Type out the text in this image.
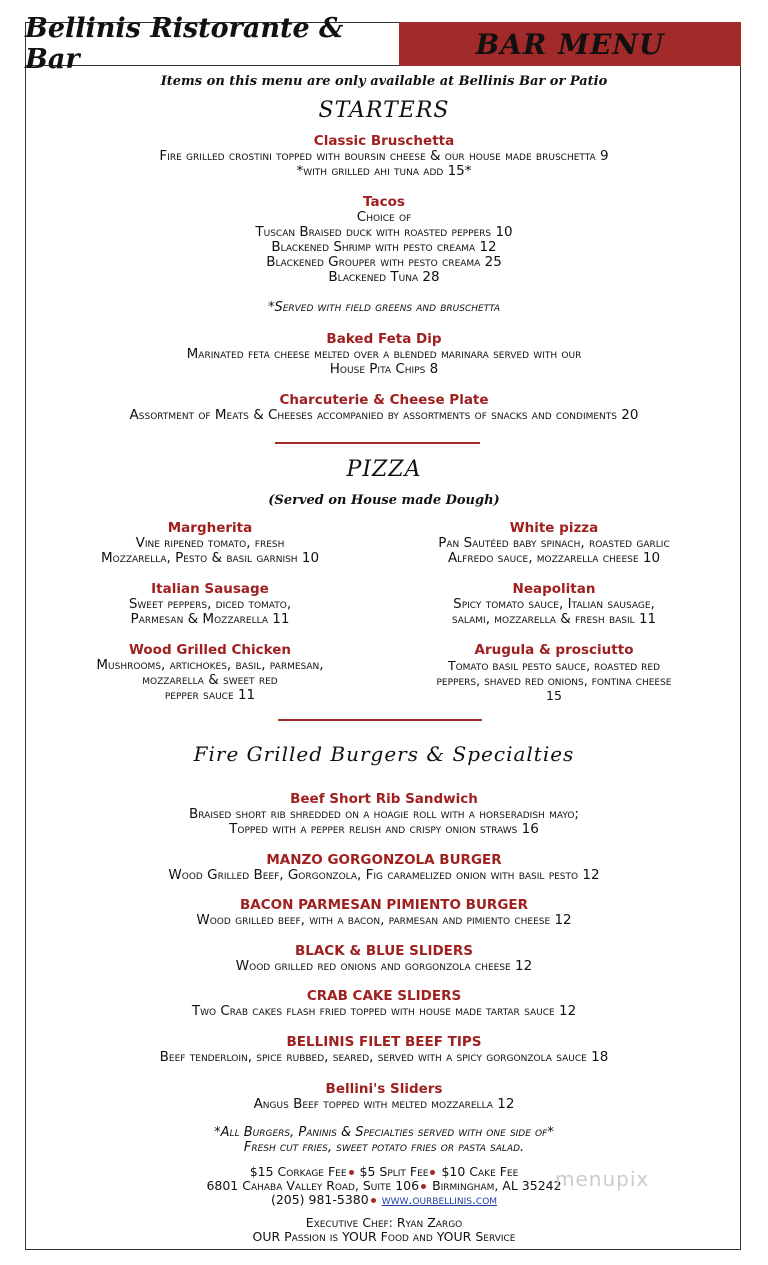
Bellinis Ristorante & Bar	BAR MENU
Items on this menu are only available at Bellinis Bar or Patio
STARTERS
Classic Bruschetta
Fire grilled crostini topped with boursin cheese & our house made bruschetta 9
*with grilled ahi tuna add 15*
Tacos
Choice of
Tuscan Braised duck with roasted peppers 10
Blackened Shrimp with pesto creama 12
Blackened Grouper with pesto creama 25
Blackened Tuna 28
*Served with field greens and bruschetta
Baked Feta Dip
Marinated feta cheese melted over a blended marinara served with our
House Pita Chips 8
Charcuterie & Cheese Plate
Assortment of Meats & Cheeses accompanied by assortments of snacks and condiments 20
PIZZA
(Served on House made Dough)
Margherita
Vine ripened tomato, fresh
Mozzarella, Pesto & basil garnish 10
Italian Sausage
Sweet peppers, diced tomato,
Parmesan & Mozzarella 11
Wood Grilled Chicken
Mushrooms, artichokes, basil, parmesan,
mozzarella & sweet red
pepper sauce 11
White pizza
Pan Sautéed baby spinach, roasted garlic
Alfredo sauce, mozzarella cheese 10
Neapolitan
Spicy tomato sauce, Italian sausage,
salami, mozzarella & fresh basil 11
Arugula & prosciutto
Tomato basil pesto sauce, roasted red
peppers, shaved red onions, fontina cheese
15
Fire Grilled Burgers & Specialties
Beef Short Rib Sandwich
Braised short rib shredded on a hoagie roll with a horseradish mayo;
Topped with a pepper relish and crispy onion straws 16
MANZO GORGONZOLA BURGER
Wood Grilled Beef, Gorgonzola, Fig caramelized onion with basil pesto 12
BACON PARMESAN PIMIENTO BURGER
Wood grilled beef, with a bacon, parmesan and pimiento cheese 12
BLACK & BLUE SLIDERS
Wood grilled red onions and gorgonzola cheese 12
CRAB CAKE SLIDERS
Two Crab cakes flash fried topped with house made tartar sauce 12
BELLINIS FILET BEEF TIPS
Beef tenderloin, spice rubbed, seared, served with a spicy gorgonzola sauce 18
Bellini's Sliders
Angus Beef topped with melted mozzarella 12
*All Burgers, Paninis & Specialties served with one side of*
Fresh cut fries, sweet potato fries or pasta salad.
$15 Corkage Fee $5 Split Fee $10 Cake Fee
6801 Cahaba Valley Road, Suite 106 Birmingham, AL 35242
(205) 981-5380 www.ourbellinis.com
Executive Chef: Ryan Zargo
OUR Passion is YOUR Food and YOUR Service
menupix
